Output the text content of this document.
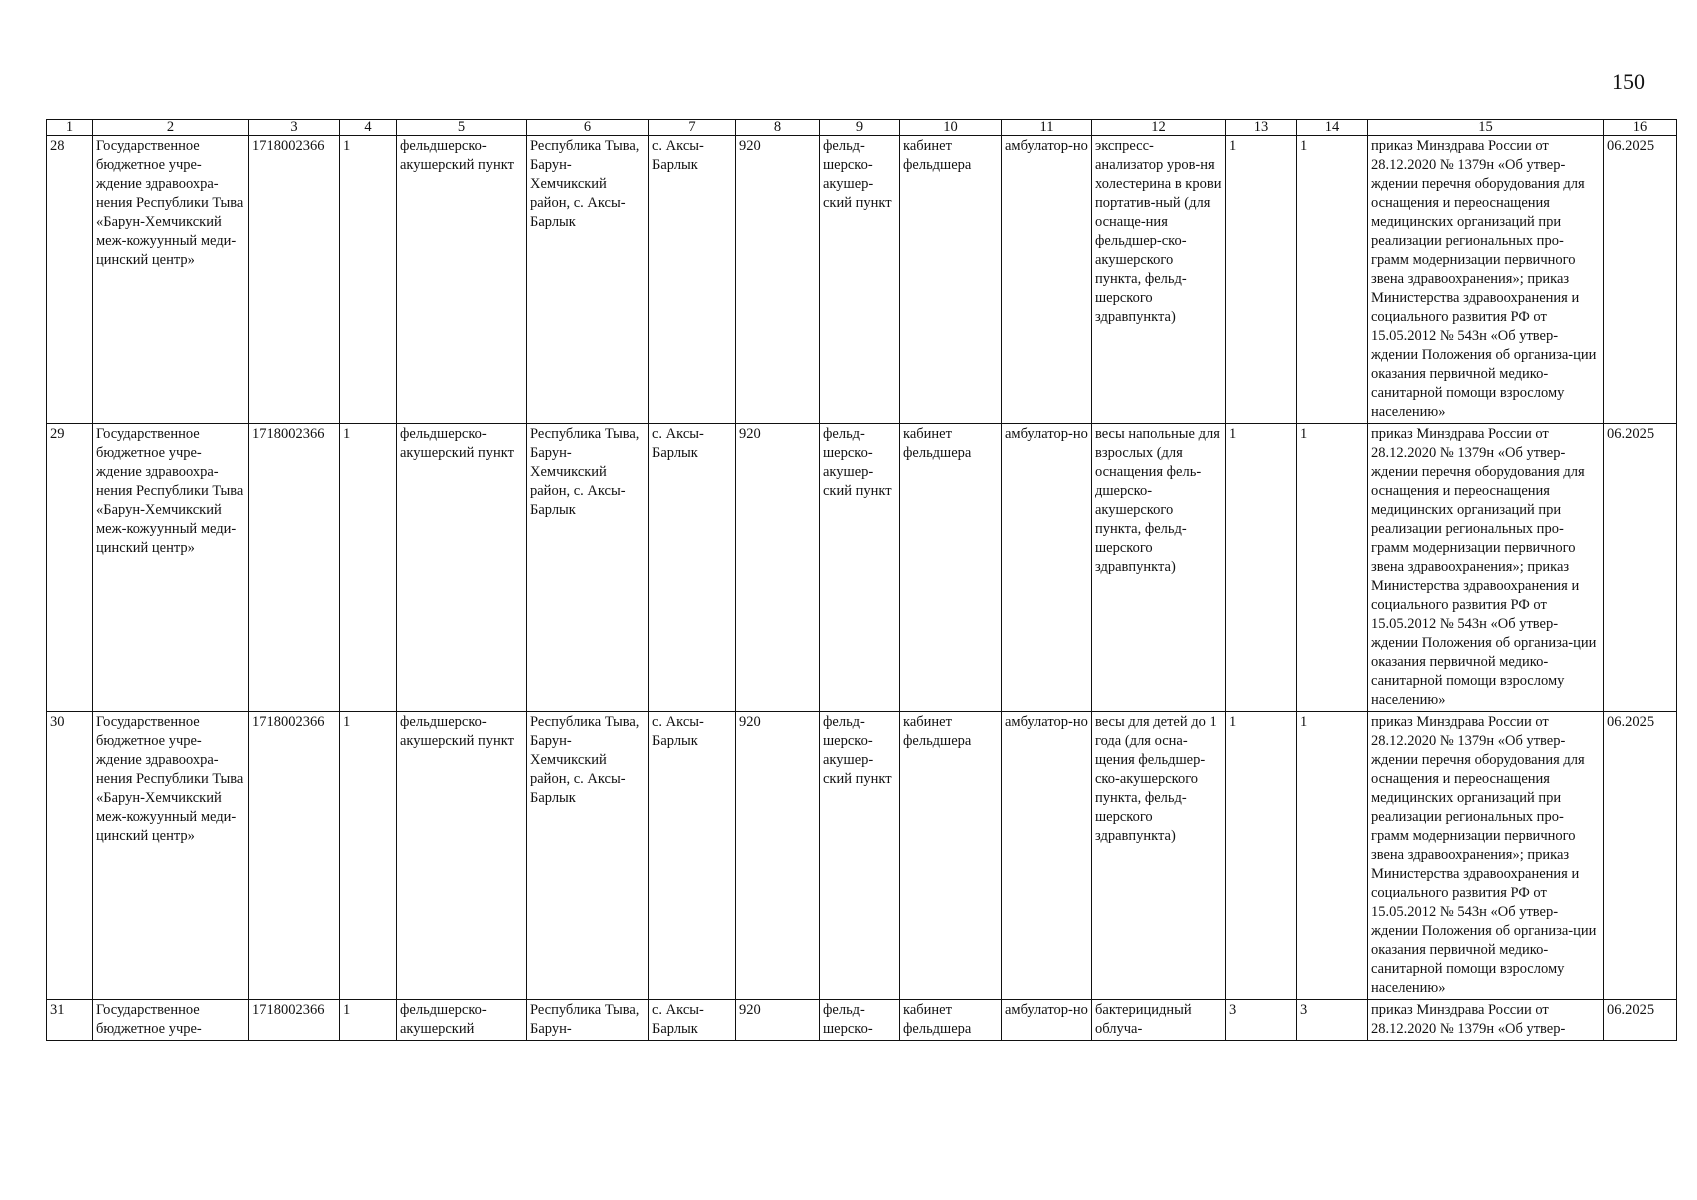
150
1	2	3	4	5	6	7	8	9	10	11	12	13	14	15	16
28	Государственное бюджетное учре-ждение здравоохра-нения Республики Тыва «Барун-Хемчикский меж-кожуунный меди-цинский центр»	1718002366	1	фельдшерско-акушерский пункт	Республика Тыва, Барун-Хемчикский район, с. Аксы-Барлык	с. Аксы-Барлык	920	фельд-шерско-акушер-ский пункт	кабинет фельдшера	амбулатор-но	экспресс-анализатор уров-ня холестерина в крови портатив-ный (для оснаще-ния фельдшер-ско-акушерского пункта, фельд-шерского здравпункта)	1	1	приказ Минздрава России от 28.12.2020 № 1379н «Об утвер-ждении перечня оборудования для оснащения и переоснащения медицинских организаций при реализации региональных про-грамм модернизации первичного звена здравоохранения»; приказ Министерства здравоохранения и социального развития РФ от 15.05.2012 № 543н «Об утвер-ждении Положения об организа-ции оказания первичной медико-санитарной помощи взрослому населению»	06.2025
29	Государственное бюджетное учре-ждение здравоохра-нения Республики Тыва «Барун-Хемчикский меж-кожуунный меди-цинский центр»	1718002366	1	фельдшерско-акушерский пункт	Республика Тыва, Барун-Хемчикский район, с. Аксы-Барлык	с. Аксы-Барлык	920	фельд-шерско-акушер-ский пункт	кабинет фельдшера	амбулатор-но	весы напольные для взрослых (для оснащения фель-дшерско-акушерского пункта, фельд-шерского здравпункта)	1	1	приказ Минздрава России от 28.12.2020 № 1379н «Об утвер-ждении перечня оборудования для оснащения и переоснащения медицинских организаций при реализации региональных про-грамм модернизации первичного звена здравоохранения»; приказ Министерства здравоохранения и социального развития РФ от 15.05.2012 № 543н «Об утвер-ждении Положения об организа-ции оказания первичной медико-санитарной помощи взрослому населению»	06.2025
30	Государственное бюджетное учре-ждение здравоохра-нения Республики Тыва «Барун-Хемчикский меж-кожуунный меди-цинский центр»	1718002366	1	фельдшерско-акушерский пункт	Республика Тыва, Барун-Хемчикский район, с. Аксы-Барлык	с. Аксы-Барлык	920	фельд-шерско-акушер-ский пункт	кабинет фельдшера	амбулатор-но	весы для детей до 1 года (для осна-щения фельдшер-ско-акушерского пункта, фельд-шерского здравпункта)	1	1	приказ Минздрава России от 28.12.2020 № 1379н «Об утвер-ждении перечня оборудования для оснащения и переоснащения медицинских организаций при реализации региональных про-грамм модернизации первичного звена здравоохранения»; приказ Министерства здравоохранения и социального развития РФ от 15.05.2012 № 543н «Об утвер-ждении Положения об организа-ции оказания первичной медико-санитарной помощи взрослому населению»	06.2025
31	Государственное бюджетное учре-	1718002366	1	фельдшерско-акушерский	Республика Тыва, Барун-	с. Аксы-Барлык	920	фельд-шерско-	кабинет фельдшера	амбулатор-но	бактерицидный облуча-	3	3	приказ Минздрава России от 28.12.2020 № 1379н «Об утвер-	06.2025
